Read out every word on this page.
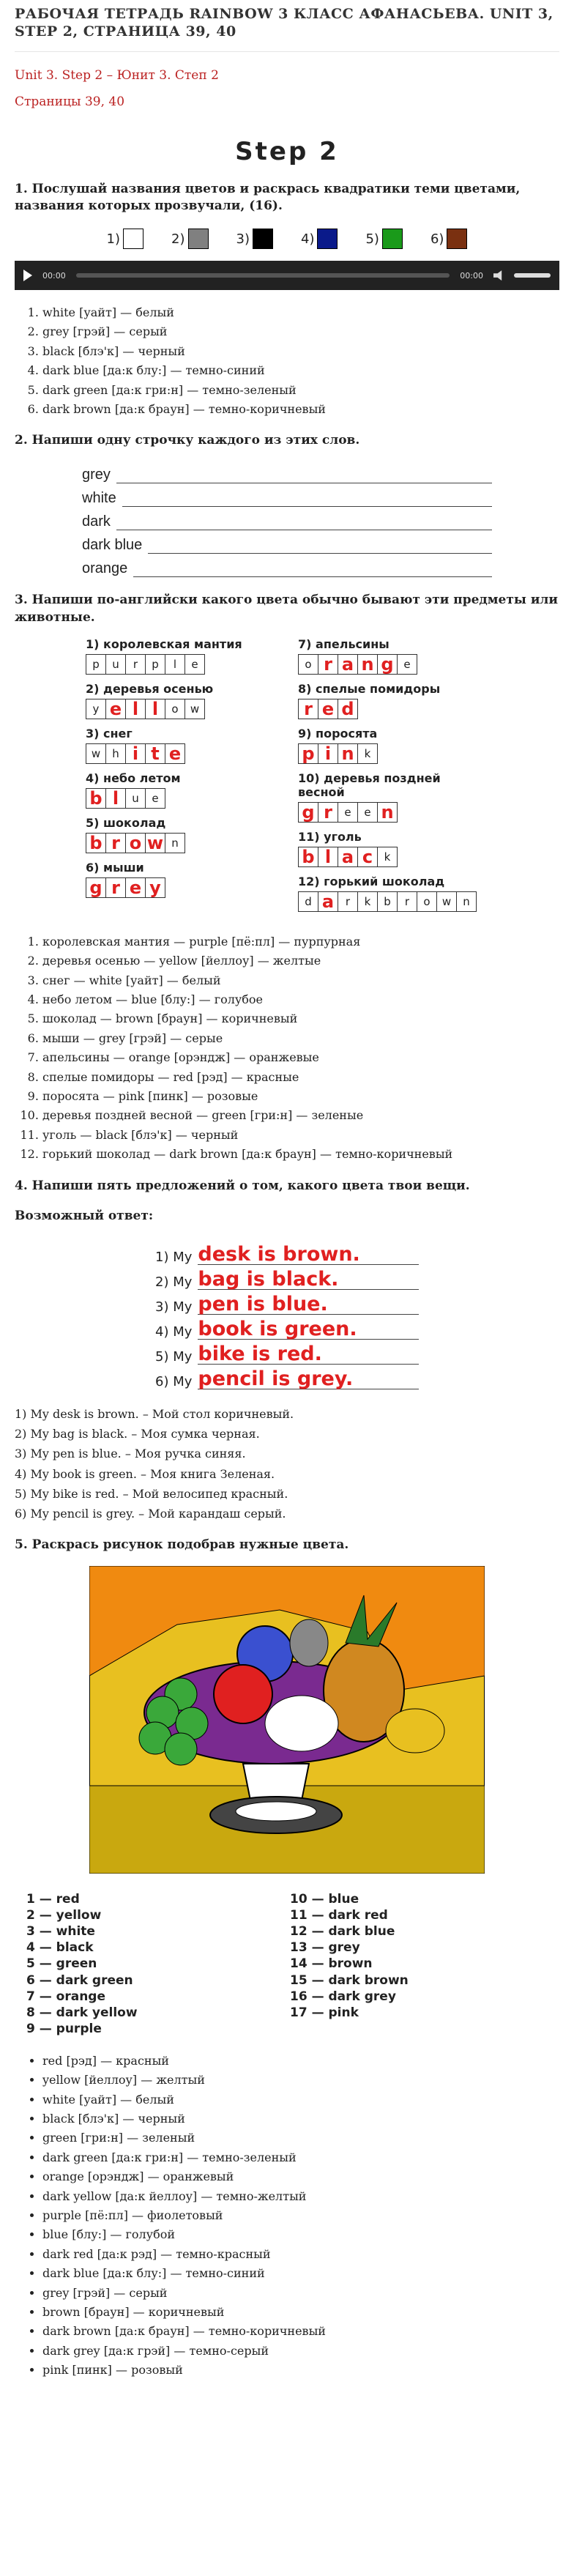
РАБОЧАЯ ТЕТРАДЬ RAINBOW 3 КЛАСС АФАНАСЬЕВА. UNIT 3, STEP 2, СТРАНИЦА 39, 40
Unit 3. Step 2 – Юнит 3. Степ 2
Страницы 39, 40
Step 2
1. Послушай названия цветов и раскрась квадратики теми цветами, названия которых прозвучали, (16).
1)	2)	3)	4)	5)	6)
00:00	00:00
1. white [уайт] — белый
2. grey [грэй] — серый
3. black [блэ'к] — черный
4. dark blue [да:к блу:] — темно-синий
5. dark green [да:к гри:н] — темно-зеленый
6. dark brown [да:к браун] — темно-коричневый
2. Напиши одну строчку каждого из этих слов.
grey
white
dark
dark blue
orange
3. Напиши по-английски какого цвета обычно бывают эти предметы или животные.
1) королевская мантия
p	u	r	p	l	e
2) деревья осенью
y e l l	o	w
3) снег
w	h i t e
4) небо летом
b l	u	e
5) шоколад
b r o w n
6) мыши
g r e y
7) апельсины
o r a n g e
8) спелые помидоры
r e d
9) поросята
p i n k
10) деревья поздней весной
g r	e	e n
11) уголь
b l a c	k
12) горький шоколад
d a	r	k	b	r	o	w	n
1. королевская мантия — purple [пё:пл] — пурпурная
2. деревья осенью — yellow [йеллоу] — желтые
3. снег — white [уайт] — белый
4. небо летом — blue [блу:] — голубое
5. шоколад — brown [браун] — коричневый
6. мыши — grey [грэй] — серые
7. апельсины — orange [орэндж] — оранжевые
8. спелые помидоры — red [рэд] — красные
9. поросята — pink [пинк] — розовые
10. деревья поздней весной — green [гри:н] — зеленые
11. уголь — black [блэ'к] — черный
12. горький шоколад — dark brown [да:к браун] — темно-коричневый
4. Напиши пять предложений о том, какого цвета твои вещи.
Возможный ответ:
1) My desk is brown.
2) My bag is black.
3) My pen is blue.
4) My book is green.
5) My bike is red.
6) My pencil is grey.
1) My desk is brown. – Мой стол коричневый.
2) My bag is black. – Моя сумка черная.
3) My pen is blue. – Моя ручка синяя.
4) My book is green. – Моя книга Зеленая.
5) My bike is red. – Мой велосипед красный.
6) My pencil is grey. – Мой карандаш серый.
5. Раскрась рисунок подобрав нужные цвета.
1 — red
2 — yellow
3 — white
4 — black
5 — green
6 — dark green
7 — orange
8 — dark yellow
9 — purple
10 — blue
11 — dark red
12 — dark blue
13 — grey
14 — brown
15 — dark brown
16 — dark grey
17 — pink
• red [рэд] — красный
• yellow [йеллоу] — желтый
• white [уайт] — белый
• black [блэ'к] — черный
• green [гри:н] — зеленый
• dark green [да:к гри:н] — темно-зеленый
• orange [орэндж] — оранжевый
• dark yellow [да:к йеллоу] — темно-желтый
• purple [пё:пл] — фиолетовый
• blue [блу:] — голубой
• dark red [да:к рэд] — темно-красный
• dark blue [да:к блу:] — темно-синий
• grey [грэй] — серый
• brown [браун] — коричневый
• dark brown [да:к браун] — темно-коричневый
• dark grey [да:к грэй] — темно-серый
• pink [пинк] — розовый
